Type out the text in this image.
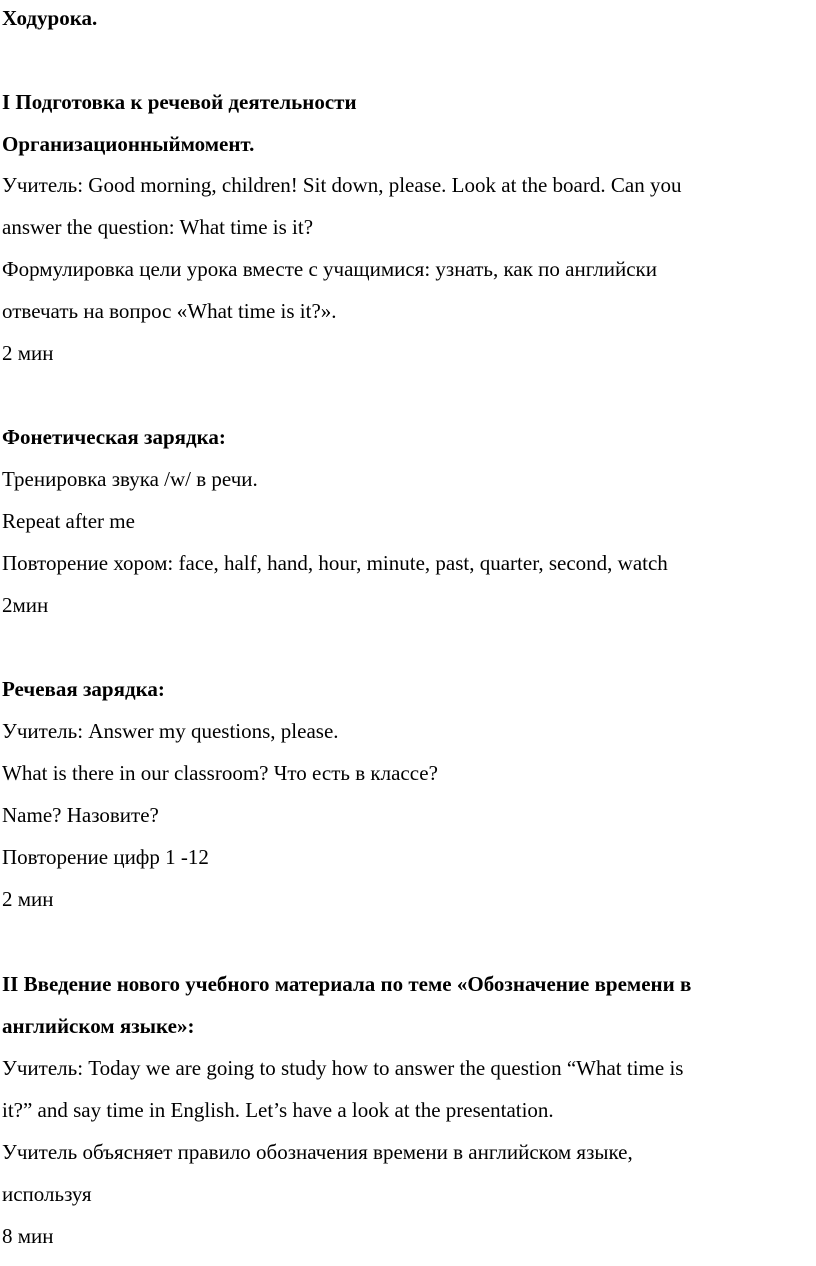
Ходурока.
I Подготовка к речевой деятельности
Организационныймомент.
Учитель: Good morning, children! Sit down, please. Look at the board. Can you
answer the question: What time is it?
Формулировка цели урока вместе с учащимися: узнать, как по английски
отвечать на вопрос «What time is it?».
2 мин
Фонетическая зарядка:
Тренировка звука /w/ в речи.
Repeat after me
Повторение хором: face, half, hand, hour, minute, past, quarter, second, watch
2мин
Речевая зарядка:
Учитель: Answer my questions, please.
What is there in our classroom? Что есть в классе?
Name? Назовите?
Повторение цифр 1 -12
2 мин
II Введение нового учебного материала по теме «Обозначение времени в
английском языке»:
Учитель: Today we are going to study how to answer the question “What time is
it?” and say time in English. Let’s have a look at the presentation.
Учитель объясняет правило обозначения времени в английском языке,
используя
8 мин
